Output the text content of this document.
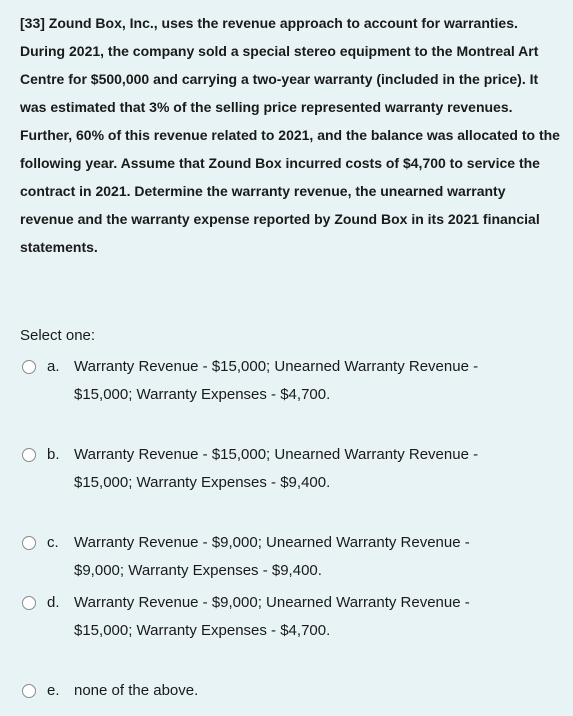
[33] Zound Box, Inc., uses the revenue approach to account for warranties. During 2021, the company sold a special stereo equipment to the Montreal Art Centre for $500,000 and carrying a two-year warranty (included in the price). It was estimated that 3% of the selling price represented warranty revenues. Further, 60% of this revenue related to 2021, and the balance was allocated to the following year. Assume that Zound Box incurred costs of $4,700 to service the contract in 2021. Determine the warranty revenue, the unearned warranty revenue and the warranty expense reported by Zound Box in its 2021 financial statements.

Select one:
a. Warranty Revenue - $15,000; Unearned Warranty Revenue - $15,000; Warranty Expenses - $4,700.
b. Warranty Revenue - $15,000; Unearned Warranty Revenue - $15,000; Warranty Expenses - $9,400.
c.	Warranty Revenue - $9,000; Unearned Warranty Revenue - $9,000; Warranty Expenses - $9,400.
d. Warranty Revenue - $9,000; Unearned Warranty Revenue - $15,000; Warranty Expenses - $4,700.
e. none of the above.
